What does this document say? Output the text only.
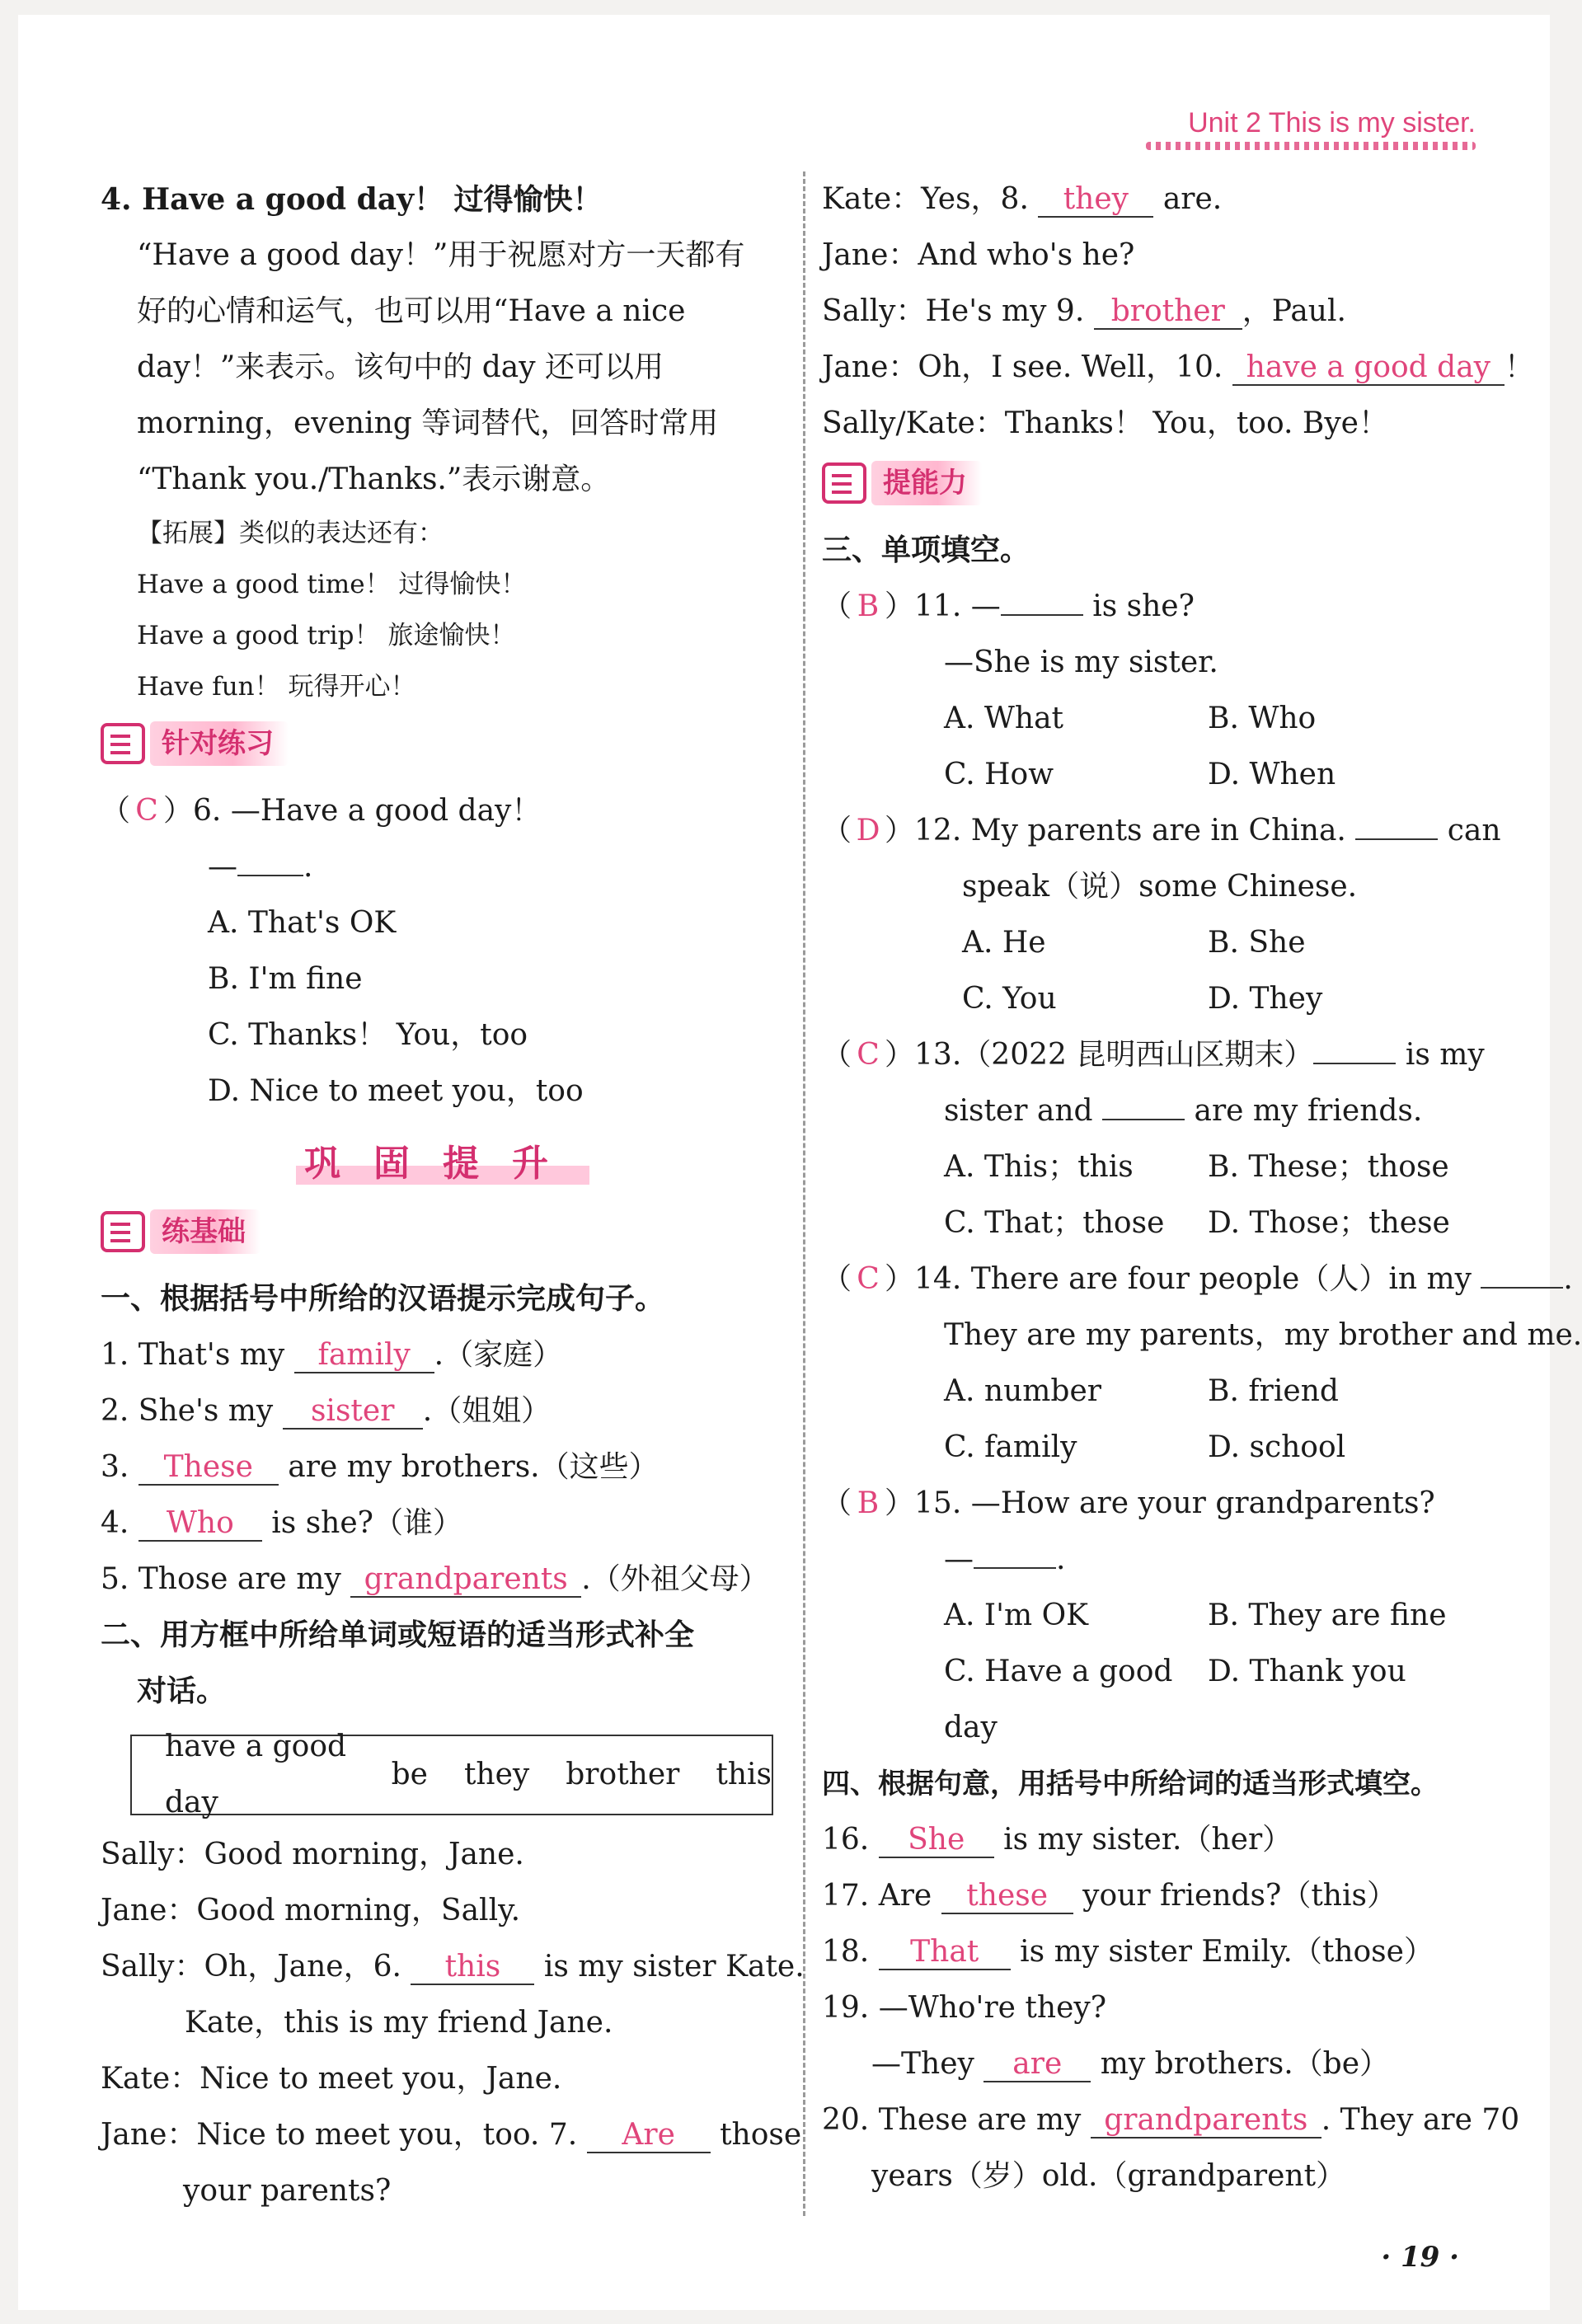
Unit 2 This is my sister.
4. Have a good day！ 过得愉快！
“Have a good day！”用于祝愿对方一天都有
好的心情和运气，也可以用“Have a nice
day！”来表示。该句中的 day 还可以用
morning，evening 等词替代，回答时常用
“Thank you./Thanks.”表示谢意。
【拓展】类似的表达还有：
Have a good time！ 过得愉快！
Have a good trip！ 旅途愉快！
Have fun！ 玩得开心！
针对练习
（ C ）6. —Have a good day！
— .
A. That's OK
B. I'm fine
C. Thanks！ You，too
D. Nice to meet you，too
巩固提升
练基础
一、根据括号中所给的汉语提示完成句子。
1. That's my family .（家庭）
2. She's my sister .（姐姐）
3. These are my brothers.（这些）
4. Who is she?（谁）
5. Those are my grandparents .（外祖父母）
二、用方框中所给单词或短语的适当形式补全
对话。
have a good day
be they brother this
Sally：Good morning，Jane.
Jane：Good morning，Sally.
Sally：Oh，Jane，6. this is my sister Kate.
Kate，this is my friend Jane.
Kate：Nice to meet you，Jane.
Jane：Nice to meet you，too. 7. Are those
your parents?
Kate：Yes，8. they are.
Jane：And who's he?
Sally：He's my 9. brother ，Paul.
Jane：Oh，I see. Well，10. have a good day ！
Sally/Kate：Thanks！ You，too. Bye！
提能力
三、单项填空。
（ B ）11. —	is she?
—She is my sister.
A. What	B. Who
C. How	D. When
（ D ）12. My parents are in China.	can
speak（说）some Chinese.
A. He	B. She
C. You	D. They
（ C ）13.（2022 昆明西山区期末）	is my
sister and	are my friends.
A. This；this	B. These；those
C. That；those	D. Those；these
（ C ）14. There are four people（人）in my	.
They are my parents，my brother and me.
A. number	B. friend
C. family	D. school
（ B ）15. —How are your grandparents?
—	.
A. I'm OK	B. They are fine
C. Have a good day
D. Thank you
四、根据句意，用括号中所给词的适当形式填空。
16. She is my sister.（her）
17. Are these your friends?（this）
18. That is my sister Emily.（those）
19. —Who're they?
—They are my brothers.（be）
20. These are my grandparents . They are 70
years（岁）old.（grandparent）
· 19 ·
